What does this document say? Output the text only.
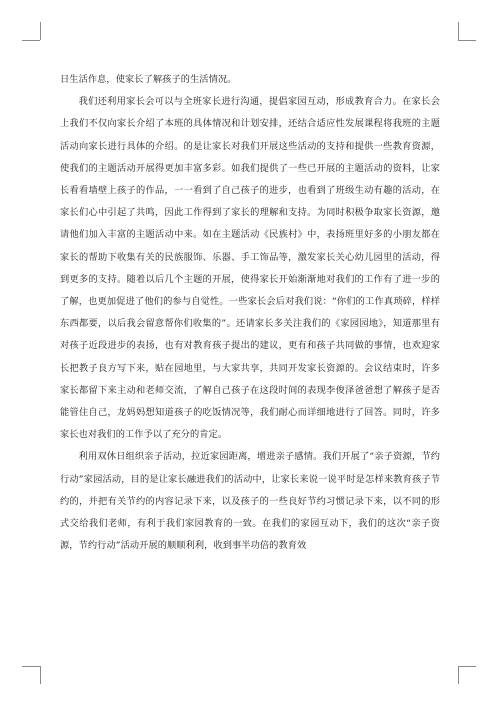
日生活作息，使家长了解孩子的生活情况。

我们还利用家长会可以与全班家长进行沟通，提倡家园互动，形成教育合力。在家长会上我们不仅向家长介绍了本班的具体情况和计划安排，还结合适应性发展课程将我班的主题活动向家长进行具体的介绍。的是让家长对我们开展这些活动的支持和提供一些教育资源，使我们的主题活动开展得更加丰富多彩。如我们提供了一些已开展的主题活动的资料，让家长看看墙壁上孩子的作品，一一看到了自己孩子的进步，也看到了班级生动有趣的活动，在家长们心中引起了共鸣，因此工作得到了家长的理解和支持。为同时积极争取家长资源，邀请他们加入丰富的主题活动中来。如在主题活动《民族村》中，表扬班里好多的小朋友都在家长的帮助下收集有关的民族服饰、乐器、手工饰品等，激发家长关心幼儿园里的活动，得到更多的支持。随着以后几个主题的开展，使得家长开始渐渐地对我们的工作有了进一步的了解，也更加促进了他们的参与自觉性。一些家长会后对我们说：“你们的工作真琐碎，样样东西都要，以后我会留意帮你们收集的”。还请家长多关注我们的《家园园地》，知道那里有对孩子近段进步的表扬，也有对教育孩子提出的建议，更有和孩子共同做的事情，也欢迎家长把教子良方写下来，贴在园地里，与大家共享，共同开发家长资源的。会议结束时，许多家长都留下来主动和老师交流，了解自己孩子在这段时间的表现李俊泽爸爸想了解孩子是否能管住自己，龙妈妈想知道孩子的吃饭情况等，我们耐心而详细地进行了回答。同时，许多家长也对我们的工作予以了充分的肯定。

利用双休日组织亲子活动，拉近家园距离，增进亲子感情。我们开展了“亲子资源，节约行动”家园活动，目的是让家长融进我们的活动中，让家长来说一说平时是怎样来教育孩子节约的，并把有关节约的内容记录下来，以及孩子的一些良好节约习惯记录下来，以不同的形式交给我们老师，有利于我们家园教育的一致。在我们的家园互动下，我们的这次“亲子资源，节约行动”活动开展的顺顺利利，收到事半功倍的教育效
